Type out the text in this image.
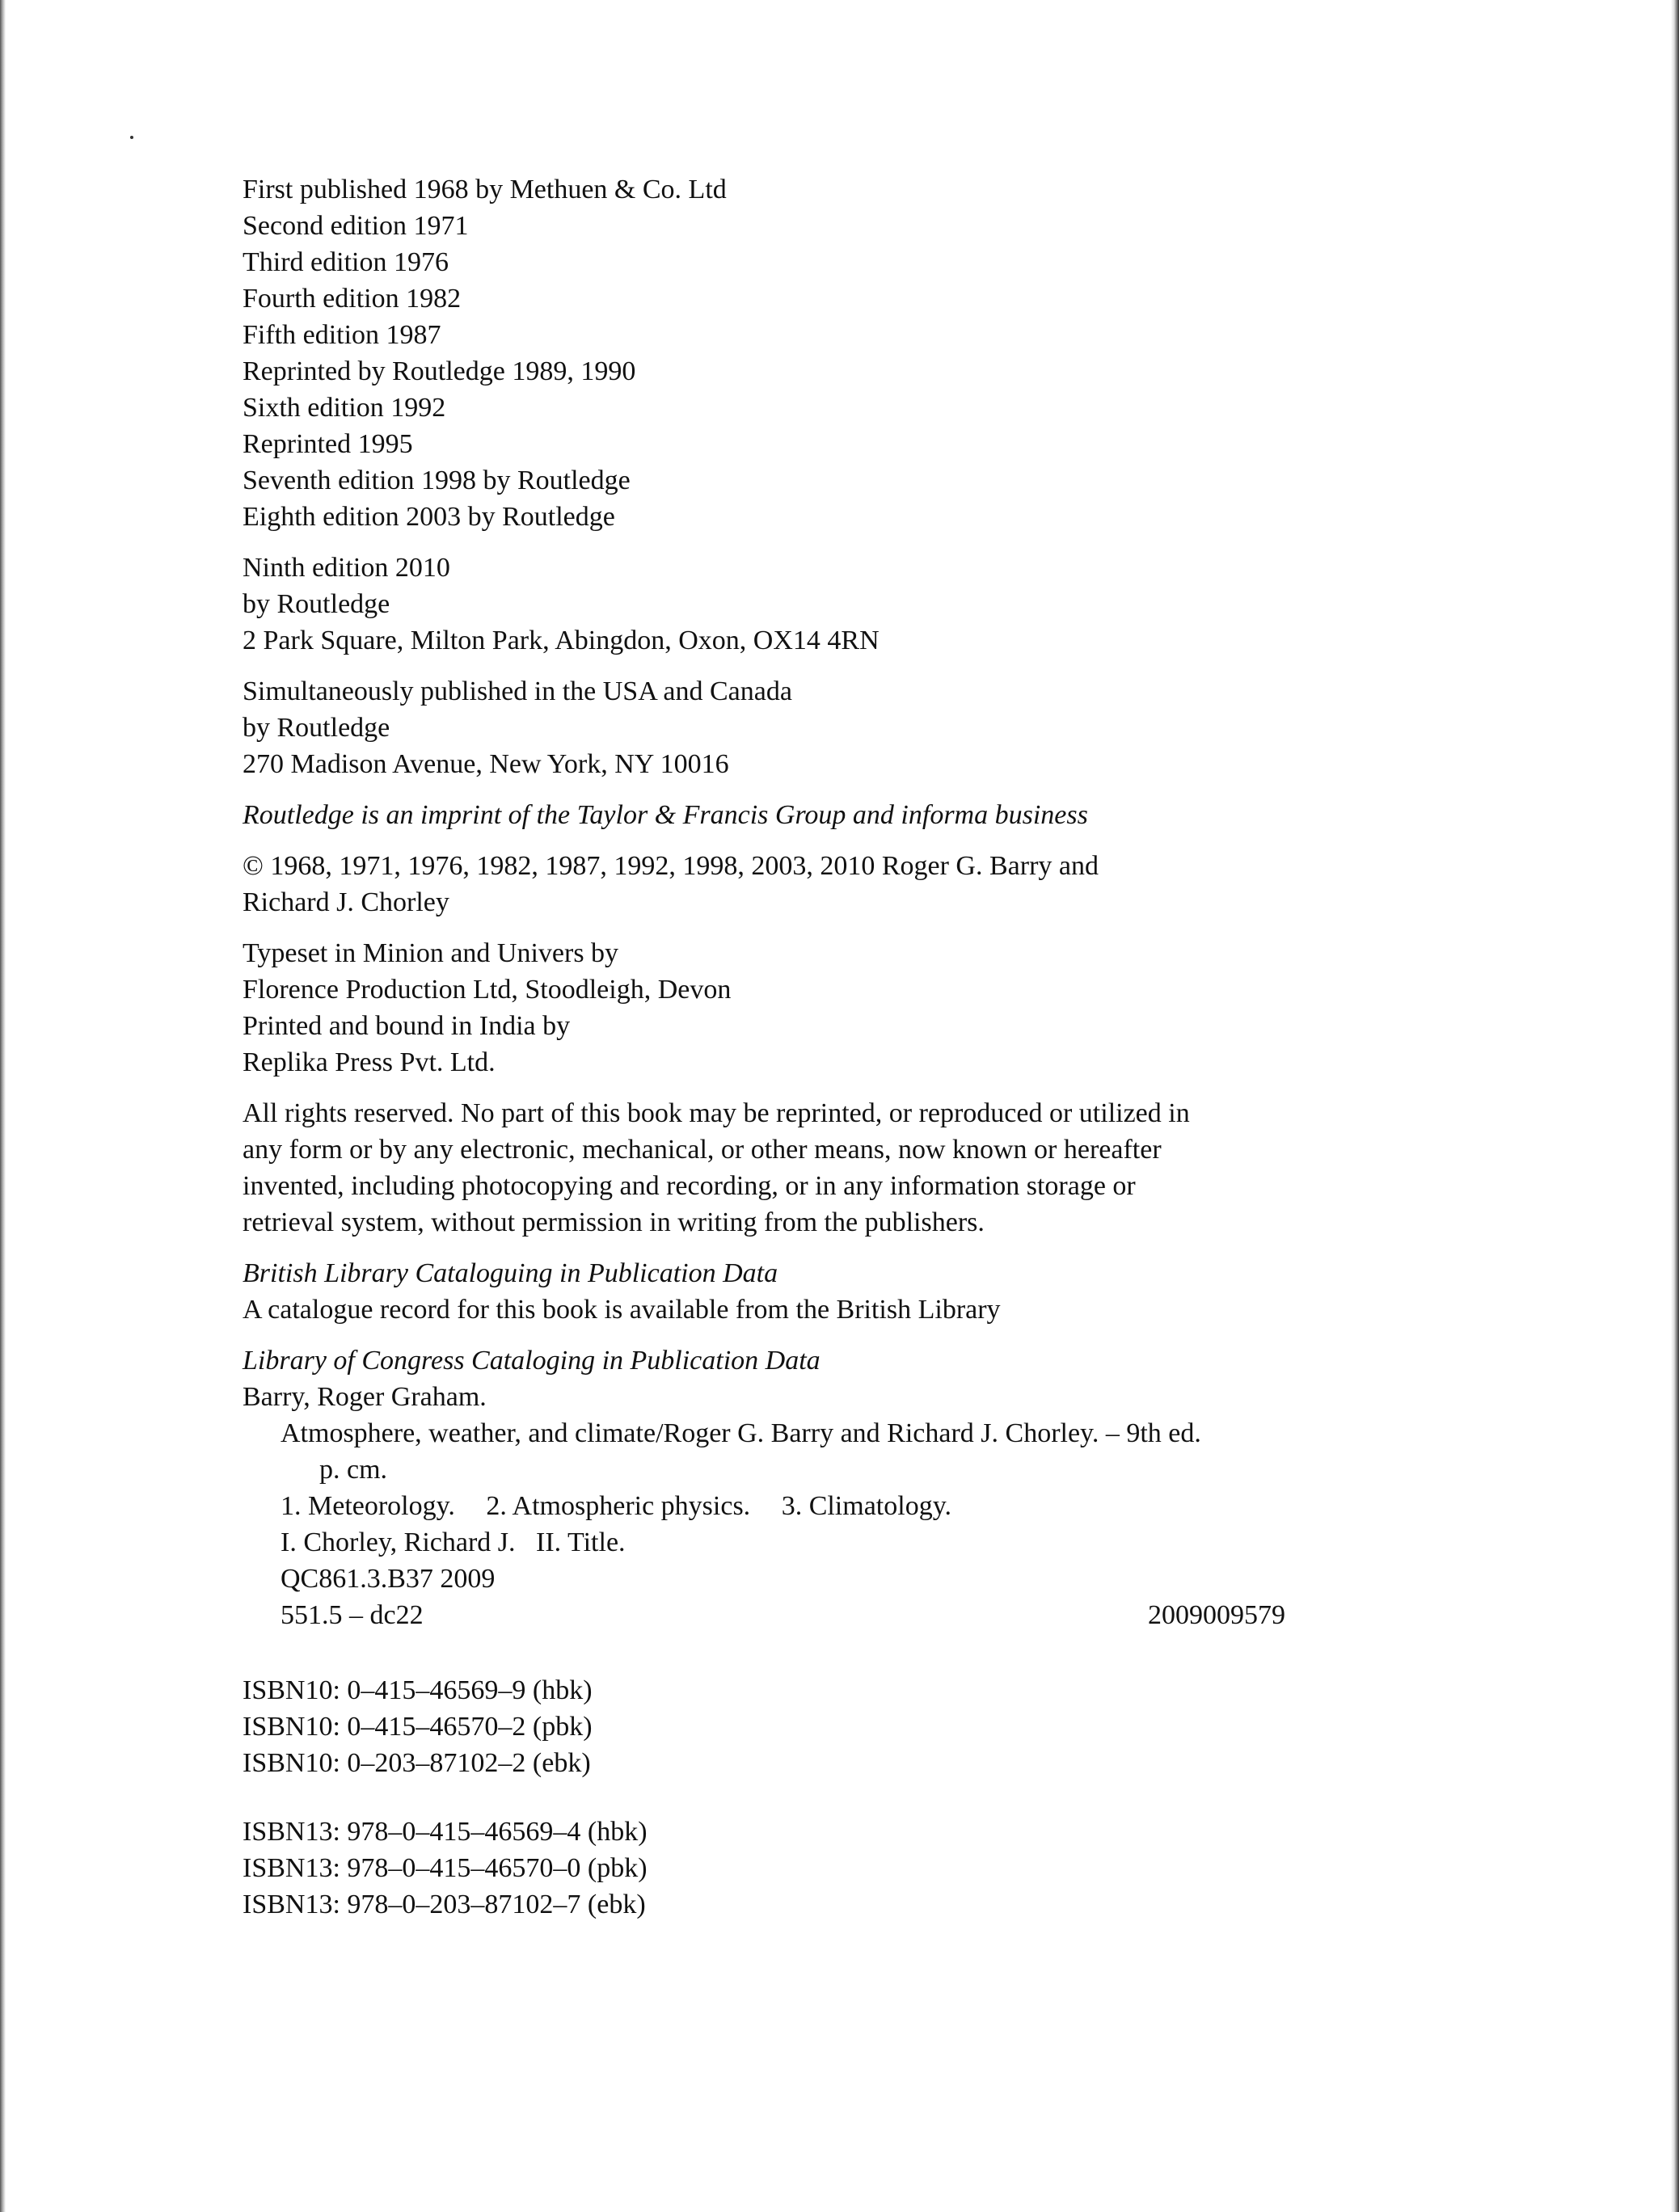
First published 1968 by Methuen & Co. Ltd
Second edition 1971
Third edition 1976
Fourth edition 1982
Fifth edition 1987
Reprinted by Routledge 1989, 1990
Sixth edition 1992
Reprinted 1995
Seventh edition 1998 by Routledge
Eighth edition 2003 by Routledge
Ninth edition 2010
by Routledge
2 Park Square, Milton Park, Abingdon, Oxon, OX14 4RN
Simultaneously published in the USA and Canada
by Routledge
270 Madison Avenue, New York, NY 10016
Routledge is an imprint of the Taylor & Francis Group and informa business
© 1968, 1971, 1976, 1982, 1987, 1992, 1998, 2003, 2010 Roger G. Barry and
Richard J. Chorley
Typeset in Minion and Univers by
Florence Production Ltd, Stoodleigh, Devon
Printed and bound in India by
Replika Press Pvt. Ltd.
All rights reserved. No part of this book may be reprinted, or reproduced or utilized in
any form or by any electronic, mechanical, or other means, now known or hereafter
invented, including photocopying and recording, or in any information storage or
retrieval system, without permission in writing from the publishers.
British Library Cataloguing in Publication Data
A catalogue record for this book is available from the British Library
Library of Congress Cataloging in Publication Data
Barry, Roger Graham.
Atmosphere, weather, and climate/Roger G. Barry and Richard J. Chorley. – 9th ed.
p. cm.
1. Meteorology. 2. Atmospheric physics. 3. Climatology.
I. Chorley, Richard J.   II. Title.
QC861.3.B37 2009
551.5 – dc22	2009009579
ISBN10: 0–415–46569–9 (hbk)
ISBN10: 0–415–46570–2 (pbk)
ISBN10: 0–203–87102–2 (ebk)
ISBN13: 978–0–415–46569–4 (hbk)
ISBN13: 978–0–415–46570–0 (pbk)
ISBN13: 978–0–203–87102–7 (ebk)
